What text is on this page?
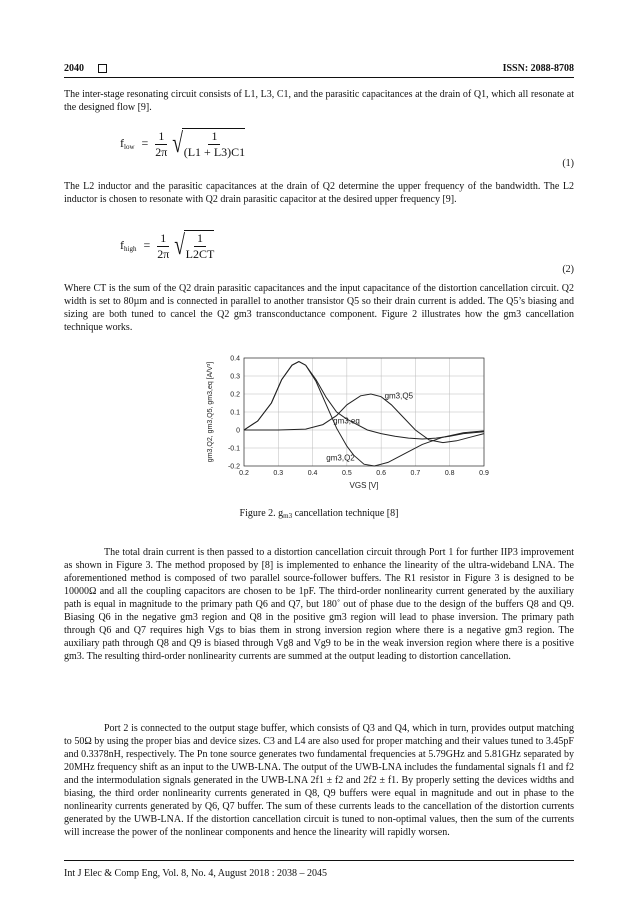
2040	ISSN: 2088-8708

The inter-stage resonating circuit consists of L1, L3, C1, and the parasitic capacitances at the drain of Q1, which all resonate at the designed flow [9].

$f_{low} = \frac{1}{2\pi}$
√
$\frac{1}{(L1 + L3)C1}$
(1)

The L2 inductor and the parasitic capacitances at the drain of Q2 determine the upper frequency of the bandwidth. The L2 inductor is chosen to resonate with Q2 drain parasitic capacitor at the desired upper frequency [9].

$f_{high} = \frac{1}{2\pi}$
√
$\frac{1}{L2CT}$
(2)

Where CT is the sum of the Q2 drain parasitic capacitances and the input capacitance of the distortion cancellation circuit. Q2 width is set to 80µm and is connected in parallel to another transistor Q5 so their drain current is added. The Q5’s biasing and sizing are both tuned to cancel the Q2 gm3 transconductance component. Figure 2 illustrates how the gm3 cancellation technique works.

0.2	0.3	0.4	0.5	0.6	0.7	0.8	0.9
-0.2
-0.1
0
0.1
0.2
0.3
0.4
gm3,Q5
gm3,eq
gm3,Q2
VGS [V]
gm3,Q2, gm3,Q5, gm3,eq [A/V³]
Figure 2. $g_{m3}$ cancellation technique [8]

The total drain current is then passed to a distortion cancellation circuit through Port 1 for further IIP3 improvement as shown in Figure 3. The method proposed by [8] is implemented to enhance the linearity of the ultra-wideband LNA. The aforementioned method is composed of two parallel source-follower buffers. The R1 resistor in Figure 3 is designed to be 10000Ω and all the coupling capacitors are chosen to be 1pF. The third-order nonlinearity current generated by the auxiliary path is equal in magnitude to the primary path Q6 and Q7, but 180˚ out of phase due to the design of the buffers Q8 and Q9. Biasing Q6 in the negative gm3 region and Q8 in the positive gm3 region will lead to phase inversion. The primary path through Q6 and Q7 requires high Vgs to bias them in strong inversion region where there is a negative gm3 region. The auxiliary path through Q8 and Q9 is biased through Vg8 and Vg9 to be in the weak inversion region where there is a positive gm3. The resulting third-order nonlinearity currents are summed at the output leading to distortion cancellation.

Port 2 is connected to the output stage buffer, which consists of Q3 and Q4, which in turn, provides output matching to 50Ω by using the proper bias and device sizes. C3 and L4 are also used for proper matching and their values tuned to 3.45pF and 0.3378nH, respectively. The Pn tone source generates two fundamental frequencies at 5.79GHz and 5.81GHz separated by 20MHz frequency shift as an input to the UWB-LNA. The output of the UWB-LNA includes the fundamental signals f1 and f2 and the intermodulation signals generated in the UWB-LNA 2f1 ± f2 and 2f2 ± f1. By properly setting the devices widths and biasing, the third order nonlinearity currents generated in Q8, Q9 buffers were equal in magnitude and out in phase to the nonlinearity currents generated by Q6, Q7 buffer. The sum of these currents leads to the cancellation of the distortion currents generated by the UWB-LNA. If the distortion cancellation circuit is tuned to non-optimal values, then the sum of the currents will increase the power of the nonlinear components and hence the linearity will rapidly worsen.

Int J Elec & Comp Eng, Vol. 8, No. 4, August 2018 : 2038 – 2045
